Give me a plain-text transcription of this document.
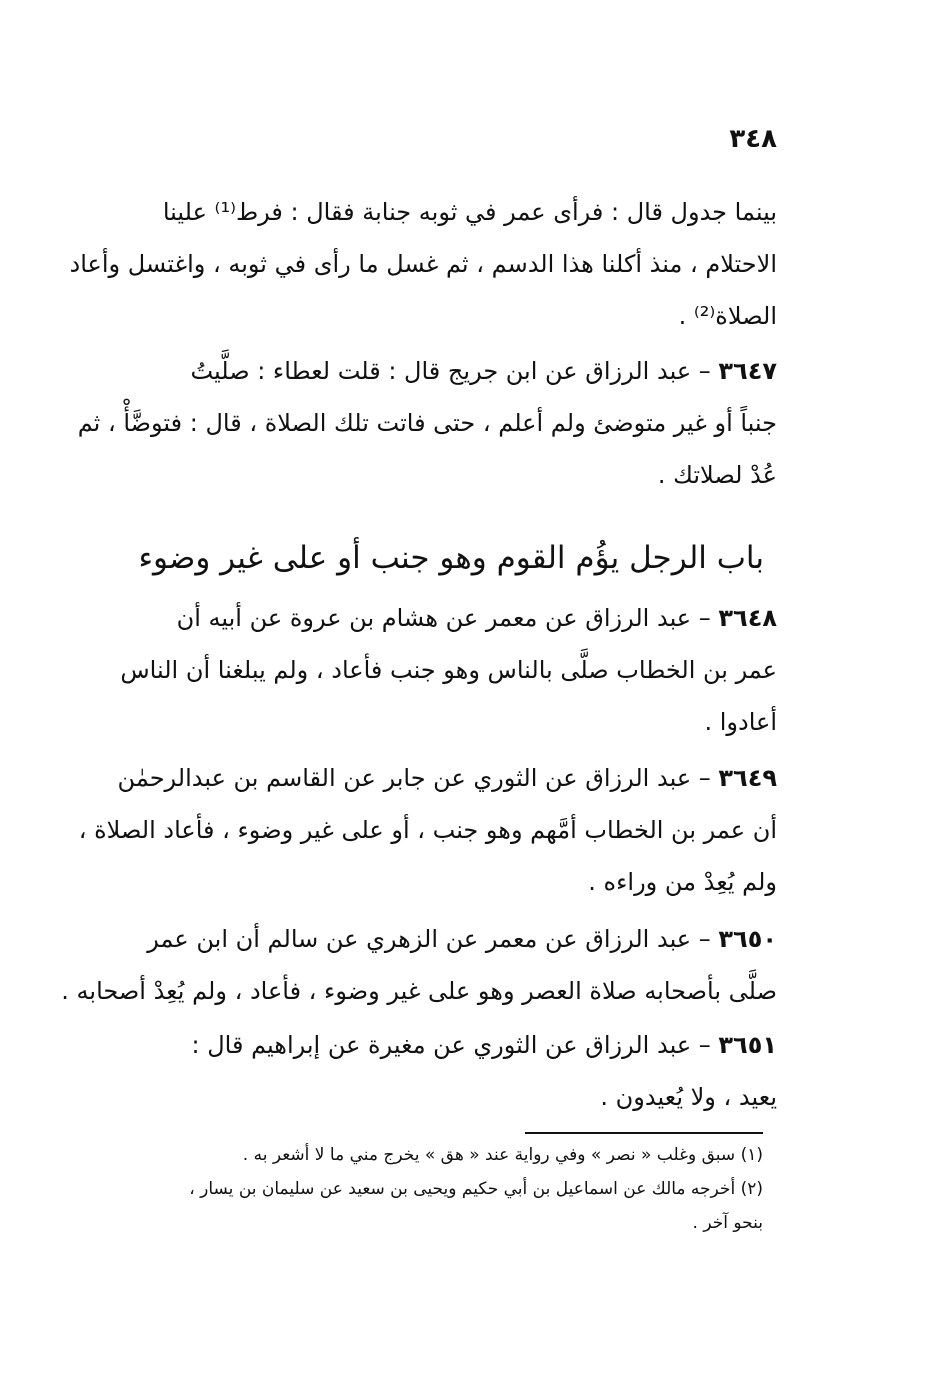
٣٤٨
بينما جدول قال : فرأى عمر في ثوبه جنابة فقال : فرط⁽¹⁾ علينا
الاحتلام ، منذ أكلنا هذا الدسم ، ثم غسل ما رأى في ثوبه ، واغتسل وأعاد
الصلاة⁽²⁾ .
٣٦٤٧ – عبد الرزاق عن ابن جريج قال : قلت لعطاء : صلَّيتُ
جنباً أو غير متوضئ ولم أعلم ، حتى فاتت تلك الصلاة ، قال : فتوضَّأْ ، ثم
عُدْ لصلاتك .
باب الرجل يؤُم القوم وهو جنب أو على غير وضوء
٣٦٤٨ – عبد الرزاق عن معمر عن هشام بن عروة عن أبيه أن
عمر بن الخطاب صلَّى بالناس وهو جنب فأعاد ، ولم يبلغنا أن الناس
أعادوا .
٣٦٤٩ – عبد الرزاق عن الثوري عن جابر عن القاسم بن عبدالرحمٰن
أن عمر بن الخطاب أمَّهم وهو جنب ، أو على غير وضوء ، فأعاد الصلاة ،
ولم يُعِدْ من وراءه .
٣٦٥٠ – عبد الرزاق عن معمر عن الزهري عن سالم أن ابن عمر
صلَّى بأصحابه صلاة العصر وهو على غير وضوء ، فأعاد ، ولم يُعِدْ أصحابه .
٣٦٥١ – عبد الرزاق عن الثوري عن مغيرة عن إبراهيم قال :
يعيد ، ولا يُعيدون .
(١) سبق وغلب « نصر » وفي رواية عند « هق » يخرج مني ما لا أشعر به .
(٢) أخرجه مالك عن اسماعيل بن أبي حكيم ويحيى بن سعيد عن سليمان بن يسار ،
بنحو آخر .
